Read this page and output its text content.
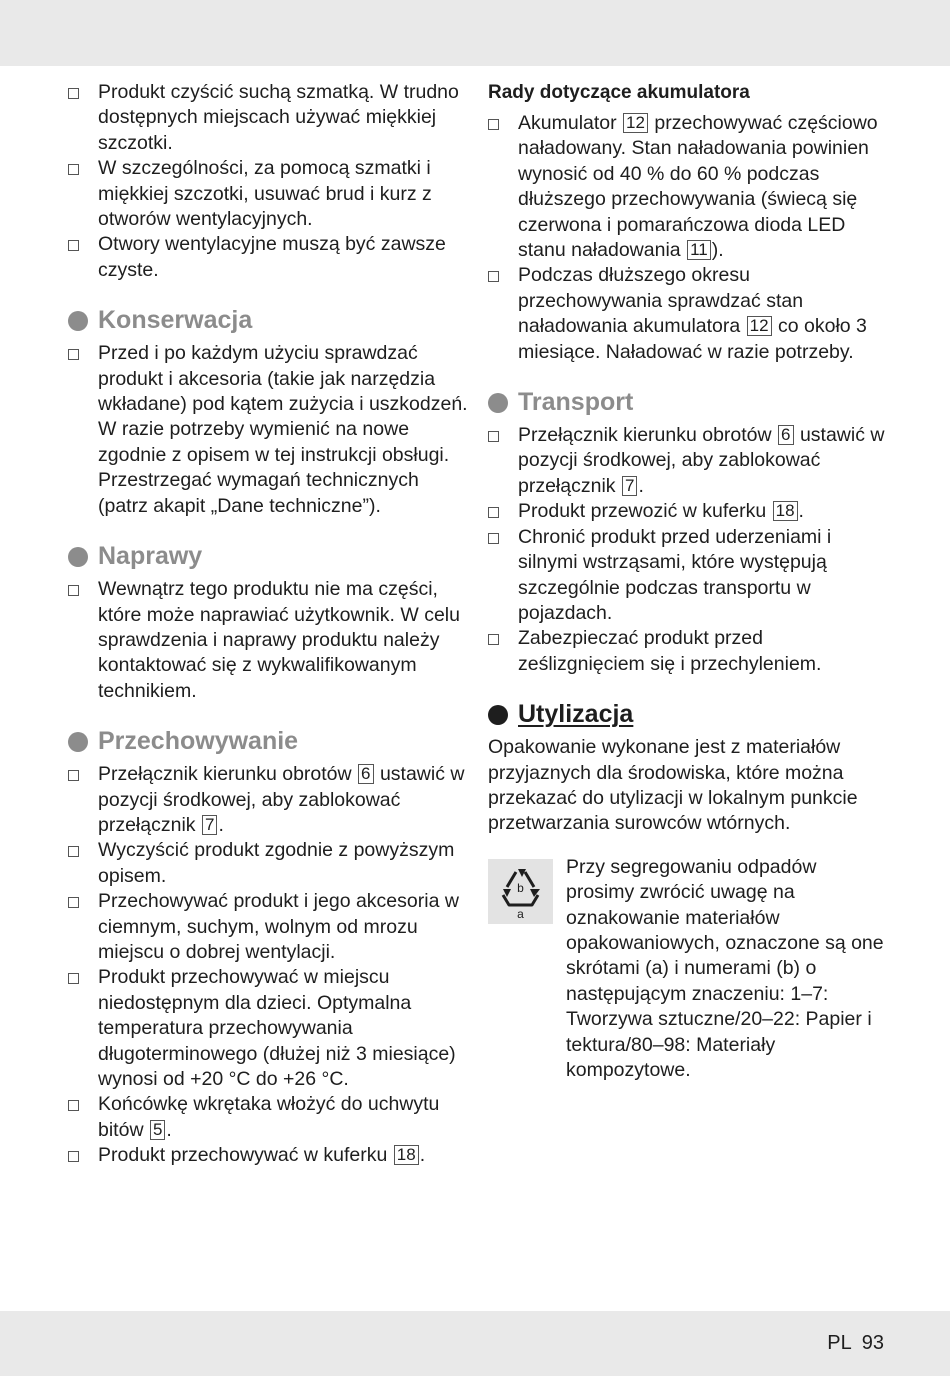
Produkt czyścić suchą szmatką. W trudno dostępnych miejscach używać miękkiej szczotki.
W szczególności, za pomocą szmatki i miękkiej szczotki, usuwać brud i kurz z otworów wentylacyjnych.
Otwory wentylacyjne muszą być zawsze czyste.
Konserwacja
Przed i po każdym użyciu sprawdzać produkt i akcesoria (takie jak narzędzia wkładane) pod kątem zużycia i uszkodzeń. W razie potrzeby wymienić na nowe zgodnie z opisem w tej instrukcji obsługi. Przestrzegać wymagań technicznych (patrz akapit „Dane techniczne”).
Naprawy
Wewnątrz tego produktu nie ma części, które może naprawiać użytkownik. W celu sprawdzenia i naprawy produktu należy kontaktować się z wykwalifikowanym technikiem.
Przechowywanie
Przełącznik kierunku obrotów 6 ustawić w pozycji środkowej, aby zablokować przełącznik 7 .
Wyczyścić produkt zgodnie z powyższym opisem.
Przechowywać produkt i jego akcesoria w ciemnym, suchym, wolnym od mrozu miejscu o dobrej wentylacji.
Produkt przechowywać w miejscu niedostępnym dla dzieci. Optymalna temperatura przechowywania długoterminowego (dłużej niż 3 miesiące) wynosi od +20 °C do +26 °C.
Końcówkę wkrętaka włożyć do uchwytu bitów 5 .
Produkt przechowywać w kuferku 18 .
Rady dotyczące akumulatora
Akumulator 12 przechowywać częściowo naładowany. Stan naładowania powinien wynosić od 40 % do 60 % podczas dłuższego przechowywania (świecą się czerwona i pomarańczowa dioda LED stanu naładowania 11 ).
Podczas dłuższego okresu przechowywania sprawdzać stan naładowania akumulatora 12 co około 3 miesiące. Naładować w razie potrzeby.
Transport
Przełącznik kierunku obrotów 6 ustawić w pozycji środkowej, aby zablokować przełącznik 7 .
Produkt przewozić w kuferku 18 .
Chronić produkt przed uderzeniami i silnymi wstrząsami, które występują szczególnie podczas transportu w pojazdach.
Zabezpieczać produkt przed ześlizgnięciem się i przechyleniem.
Utylizacja
Opakowanie wykonane jest z materiałów przyjaznych dla środowiska, które można przekazać do utylizacji w lokalnym punkcie przetwarzania surowców wtórnych.
b
a
Przy segregowaniu odpadów prosimy zwrócić uwagę na oznakowanie materiałów opakowaniowych, oznaczone są one skrótami (a) i numerami (b) o następującym znaczeniu: 1–7: Tworzywa sztuczne/20–22: Papier i tektura/80–98: Materiały kompozytowe.
PL 93
